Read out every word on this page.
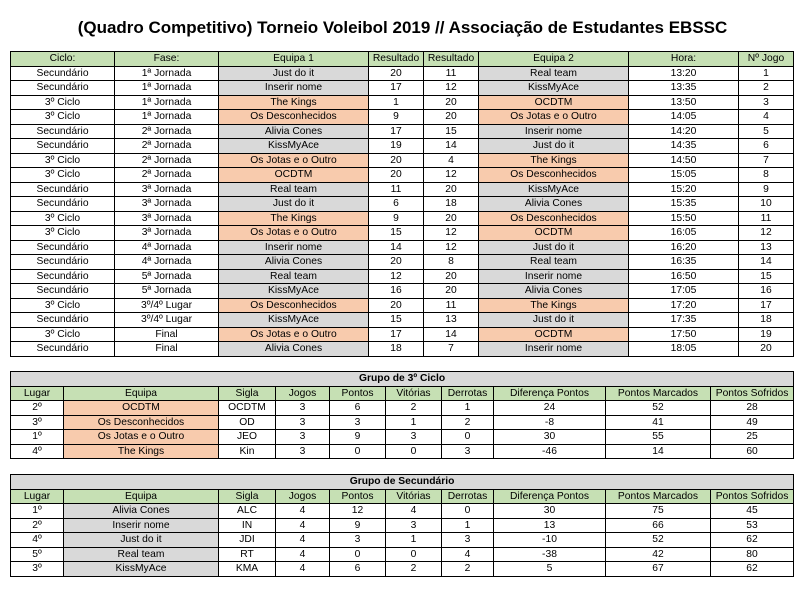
(Quadro Competitivo) Torneio Voleibol 2019 // Associação de Estudantes EBSSC
Ciclo:	Fase:	Equipa 1	Resultado	Resultado	Equipa 2	Hora:	Nº Jogo
Secundário	1ª Jornada	Just do it	20	11	Real team	13:20	1
Secundário	1ª Jornada	Inserir nome	17	12	KissMyAce	13:35	2
3º Ciclo	1ª Jornada	The Kings	1	20	OCDTM	13:50	3
3º Ciclo	1ª Jornada	Os Desconhecidos	9	20	Os Jotas e o Outro	14:05	4
Secundário	2ª Jornada	Alivia Cones	17	15	Inserir nome	14:20	5
Secundário	2ª Jornada	KissMyAce	19	14	Just do it	14:35	6
3º Ciclo	2ª Jornada	Os Jotas e o Outro	20	4	The Kings	14:50	7
3º Ciclo	2ª Jornada	OCDTM	20	12	Os Desconhecidos	15:05	8
Secundário	3ª Jornada	Real team	11	20	KissMyAce	15:20	9
Secundário	3ª Jornada	Just do it	6	18	Alivia Cones	15:35	10
3º Ciclo	3ª Jornada	The Kings	9	20	Os Desconhecidos	15:50	11
3º Ciclo	3ª Jornada	Os Jotas e o Outro	15	12	OCDTM	16:05	12
Secundário	4ª Jornada	Inserir nome	14	12	Just do it	16:20	13
Secundário	4ª Jornada	Alivia Cones	20	8	Real team	16:35	14
Secundário	5ª Jornada	Real team	12	20	Inserir nome	16:50	15
Secundário	5ª Jornada	KissMyAce	16	20	Alivia Cones	17:05	16
3º Ciclo	3º/4º Lugar	Os Desconhecidos	20	11	The Kings	17:20	17
Secundário	3º/4º Lugar	KissMyAce	15	13	Just do it	17:35	18
3º Ciclo	Final	Os Jotas e o Outro	17	14	OCDTM	17:50	19
Secundário	Final	Alivia Cones	18	7	Inserir nome	18:05	20
Grupo de 3º Ciclo									
Lugar	Equipa	Sigla	Jogos	Pontos	Vitórias	Derrotas	Diferença Pontos	Pontos Marcados	Pontos Sofridos
2º	OCDTM	OCDTM	3	6	2	1	24	52	28
3º	Os Desconhecidos	OD	3	3	1	2	-8	41	49
1º	Os Jotas e o Outro	JEO	3	9	3	0	30	55	25
4º	The Kings	Kin	3	0	0	3	-46	14	60
Grupo de Secundário									
Lugar	Equipa	Sigla	Jogos	Pontos	Vitórias	Derrotas	Diferença Pontos	Pontos Marcados	Pontos Sofridos
1º	Alivia Cones	ALC	4	12	4	0	30	75	45
2º	Inserir nome	IN	4	9	3	1	13	66	53
4º	Just do it	JDI	4	3	1	3	-10	52	62
5º	Real team	RT	4	0	0	4	-38	42	80
3º	KissMyAce	KMA	4	6	2	2	5	67	62
